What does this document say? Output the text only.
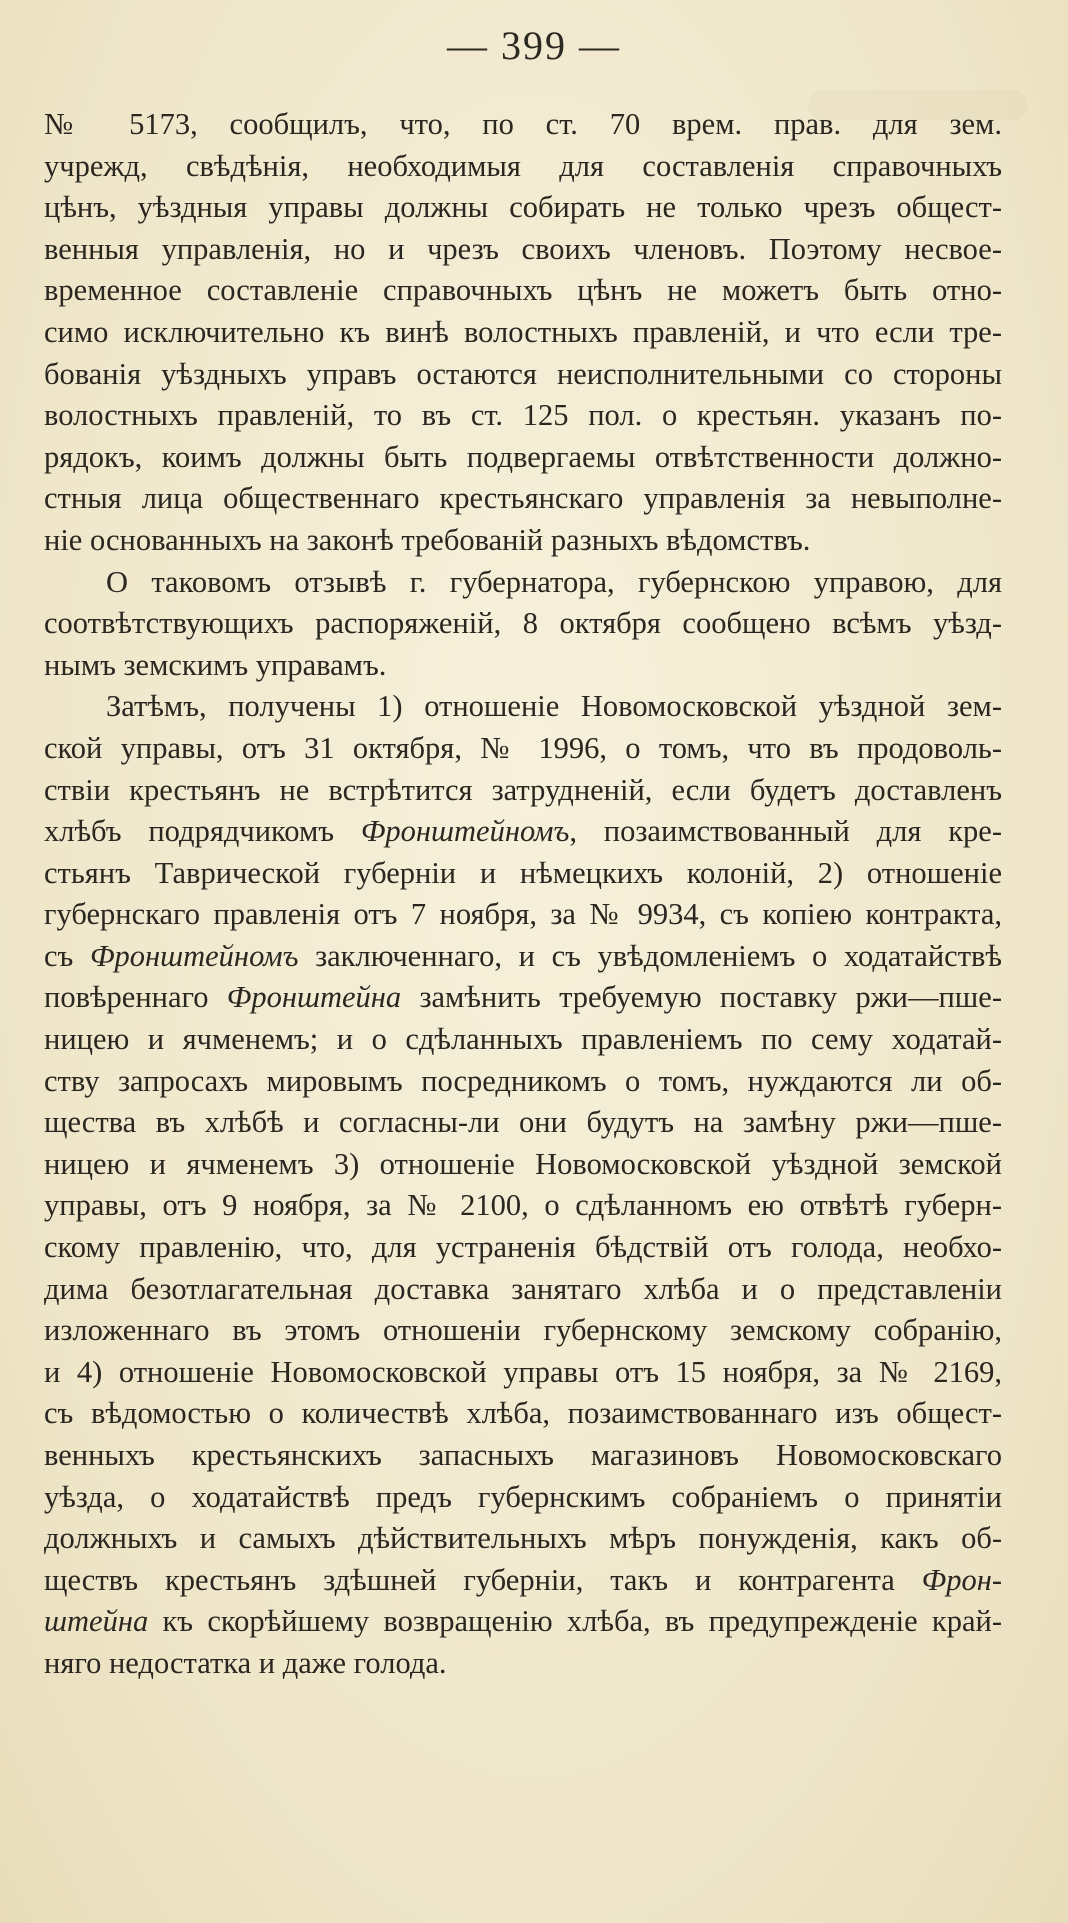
— 399 —
№ 5173, сообщилъ, что, по ст. 70 врем. прав. для зем.
учрежд, свѣдѣнія, необходимыя для составленія справочныхъ
цѣнъ, уѣздныя управы должны собирать не только чрезъ общест-
венныя управленія, но и чрезъ своихъ членовъ. Поэтому несвое-
временное составленіе справочныхъ цѣнъ не можетъ быть отно-
симо исключительно къ винѣ волостныхъ правленій, и что если тре-
бованія уѣздныхъ управъ остаются неисполнительными со стороны
волостныхъ правленій, то въ ст. 125 пол. о крестьян. указанъ по-
рядокъ, коимъ должны быть подвергаемы отвѣтственности должно-
стныя лица общественнаго крестьянскаго управленія за невыполне-
ніе основанныхъ на законѣ требованій разныхъ вѣдомствъ.
О таковомъ отзывѣ г. губернатора, губернскою управою, для
соотвѣтствующихъ распоряженій, 8 октября сообщено всѣмъ уѣзд-
нымъ земскимъ управамъ.
Затѣмъ, получены 1) отношеніе Новомосковской уѣздной зем-
ской управы, отъ 31 октября, № 1996, о томъ, что въ продоволь-
ствіи крестьянъ не встрѣтится затрудненій, если будетъ доставленъ
хлѣбъ подрядчикомъ Фронштейномъ, позаимствованный для кре-
стьянъ Таврической губерніи и нѣмецкихъ колоній, 2) отношеніе
губернскаго правленія отъ 7 ноября, за № 9934, съ копіею контракта,
съ Фронштейномъ заключеннаго, и съ увѣдомленіемъ о ходатайствѣ
повѣреннаго Фронштейна замѣнить требуемую поставку ржи—пше-
ницею и ячменемъ; и о сдѣланныхъ правленіемъ по сему ходатай-
ству запросахъ мировымъ посредникомъ о томъ, нуждаются ли об-
щества въ хлѣбѣ и согласны-ли они будутъ на замѣну ржи—пше-
ницею и ячменемъ 3) отношеніе Новомосковской уѣздной земской
управы, отъ 9 ноября, за № 2100, о сдѣланномъ ею отвѣтѣ губерн-
скому правленію, что, для устраненія бѣдствій отъ голода, необхо-
дима безотлагательная доставка занятаго хлѣба и о представленіи
изложеннаго въ этомъ отношеніи губернскому земскому собранію,
и 4) отношеніе Новомосковской управы отъ 15 ноября, за № 2169,
съ вѣдомостью о количествѣ хлѣба, позаимствованнаго изъ общест-
венныхъ крестьянскихъ запасныхъ магазиновъ Новомосковскаго
уѣзда, о ходатайствѣ предъ губернскимъ собраніемъ о принятіи
должныхъ и самыхъ дѣйствительныхъ мѣръ понужденія, какъ об-
ществъ крестьянъ здѣшней губерніи, такъ и контрагента Фрон-
штейна къ скорѣйшему возвращенію хлѣба, въ предупрежденіе край-
няго недостатка и даже голода.
